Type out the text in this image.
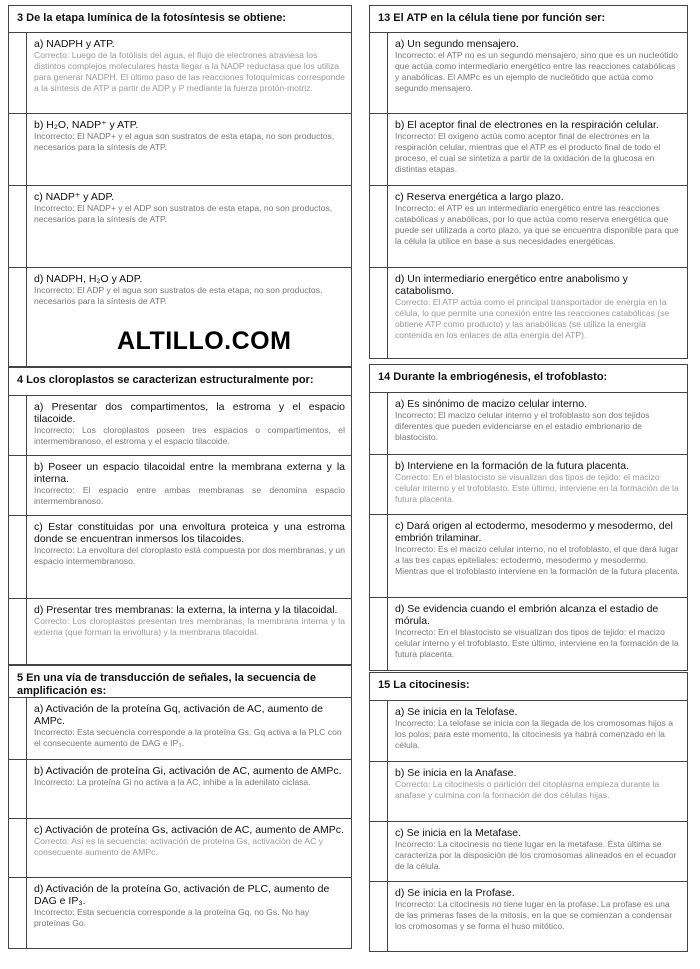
3 De la etapa lumínica de la fotosíntesis se obtiene:
a) NADPH y ATP.
Correcto: Luego de la fotólisis del agua, el flujo de electrones atraviesa los distintos complejos moleculares hasta llegar a la NADP reductasa que los utiliza para generar NADPH. El último paso de las reacciones fotoquímicas corresponde a la síntesis de ATP a partir de ADP y P mediante la fuerza protón-motriz.
b) H₂O, NADP⁺ y ATP.
Incorrecto: El NADP+ y el agua son sustratos de esta etapa, no son productos, necesarios para la síntesis de ATP.
c) NADP⁺ y ADP.
Incorrecto: El NADP+ y el ADP son sustratos de esta etapa, no son productos, necesarios para la síntesis de ATP.
d) NADPH, H₂O y ADP.
Incorrecto: El ADP y el agua son sustratos de esta etapa, no son productos, necesarios para la síntesis de ATP.
4 Los cloroplastos se caracterizan estructuralmente por:
a) Presentar dos compartimentos, la estroma y el espacio tilacoide.
Incorrecto: Los cloroplastos poseen tres espacios o compartimentos, el intermembranoso, el estroma y el espacio tilacoide.
b) Poseer un espacio tilacoidal entre la membrana externa y la interna.
Incorrecto: El espacio entre ambas membranas se denomina espacio intermembranoso.
c) Estar constituidas por una envoltura proteica y una estroma donde se encuentran inmersos los tilacoides.
Incorrecto: La envoltura del cloroplasto está compuesta por dos membranas, y un espacio intermembranoso.
d) Presentar tres membranas: la externa, la interna y la tilacoidal.
Correcto: Los cloroplastos presentan tres membranas, la membrana interna y la externa (que forman la envoltura) y la membrana tilacoidal.
5 En una vía de transducción de señales, la secuencia de amplificación es:
a) Activación de la proteína Gq, activación de AC, aumento de AMPc.
Incorrecto: Esta secuencia corresponde a la proteína Gs. Gq activa a la PLC con el consecuente aumento de DAG e IP₃.
b) Activación de proteína Gi, activación de AC, aumento de AMPc.
Incorrecto: La proteína Gi no activa a la AC, inhibe a la adenilato ciclasa.
c) Activación de proteína Gs, activación de AC, aumento de AMPc.
Correcto: Así es la secuencia: activación de proteína Gs, activación de AC y consecuente aumento de AMPc.
d) Activación de la proteína Go, activación de PLC, aumento de DAG e IP₃.
Incorrecto: Esta secuencia corresponde a la proteína Gq, no Gs. No hay proteínas Go.
13 El ATP en la célula tiene por función ser:
a) Un segundo mensajero.
Incorrecto: el ATP no es un segundo mensajero, sino que es un nucleótido que actúa como intermediario energético entre las reacciones catabólicas y anabólicas. El AMPc es un ejemplo de nucleótido que actúa como segundo mensajero.
b) El aceptor final de electrones en la respiración celular.
Incorrecto: El oxígeno actúa como aceptor final de electrones en la respiración celular, mientras que el ATP es el producto final de todo el proceso, el cual se sintetiza a partir de la oxidación de la glucosa en distintas etapas.
c) Reserva energética a largo plazo.
Incorrecto: el ATP es un intermediario energético entre las reacciones catabólicas y anabólicas, por lo que actúa como reserva energética que puede ser utilizada a corto plazo, ya que se encuentra disponible para que la célula la utilice en base a sus necesidades energéticas.
d) Un intermediario energético entre anabolismo y catabolismo.
Correcto: El ATP actúa como el principal transportador de energía en la célula, lo que permite una conexión entre las reacciones catabólicas (se obtiene ATP como producto) y las anabólicas (se utiliza la energía contenida en los enlaces de alta energía del ATP).
14 Durante la embriogénesis, el trofoblasto:
a) Es sinónimo de macizo celular interno.
Incorrecto: El macizo celular interno y el trofoblasto son dos tejidos diferentes que pueden evidenciarse en el estadio embrionario de blastocisto.
b) Interviene en la formación de la futura placenta.
Correcto: En el blastocisto se visualizan dos tipos de tejido: el macizo celular interno y el trofoblasto. Este último, interviene en la formación de la futura placenta.
c) Dará origen al ectodermo, mesodermo y mesodermo, del embrión trilaminar.
Incorrecto: Es el macizo celular interno, no el trofoblasto, el que dará lugar a las tres capas epiteliales: ectodermo, mesodermo y mesodermo. Mientras que el trofoblasto interviene en la formación de la futura placenta.
d) Se evidencia cuando el embrión alcanza el estadio de mórula.
Incorrecto: En el blastocisto se visualizan dos tipos de tejido: el macizo celular interno y el trofoblasto. Este último, interviene en la formación de la futura placenta.
15 La citocinesis:
a) Se inicia en la Telofase.
Incorrecto: La telofase se inicia con la llegada de los cromosomas hijos a los polos; para este momento, la citocinesis ya habrá comenzado en la célula.
b) Se inicia en la Anafase.
Correcto: La citocinesis o partición del citoplasma empieza durante la anafase y culmina con la formación de dos células hijas.
c) Se inicia en la Metafase.
Incorrecto: La citocinesis no tiene lugar en la metafase. Ésta última se caracteriza por la disposición de los cromosomas alineados en el ecuador de la célula.
d) Se inicia en la Profase.
Incorrecto: La citocinesis no tiene lugar en la profase. La profase es una de las primeras fases de la mitosis, en la que se comienzan a condensar los cromosomas y se forma el huso mitótico.
ALTILLO.COM
